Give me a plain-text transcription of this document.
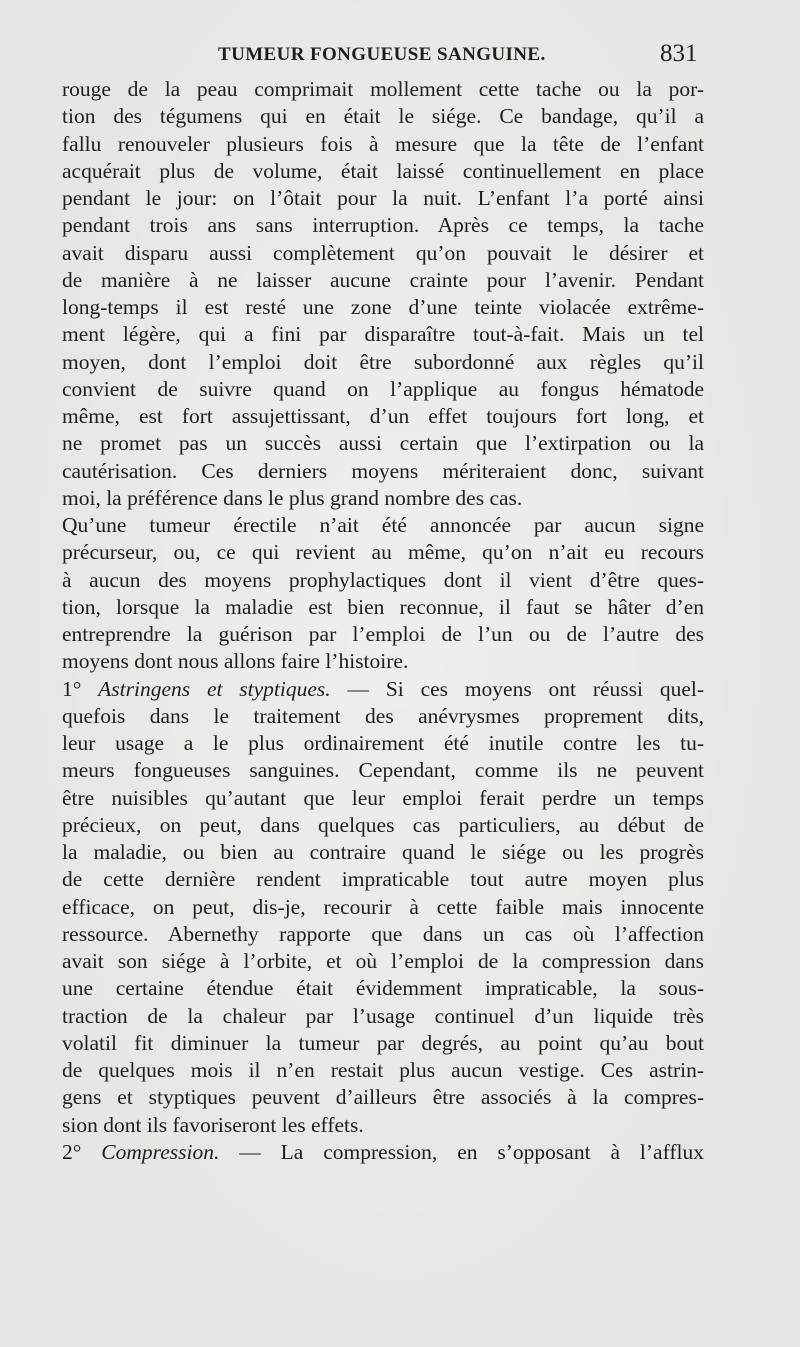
TUMEUR FONGUEUSE SANGUINE.	831
rouge de la peau comprimait mollement cette tache ou la por-
tion des tégumens qui en était le siége. Ce bandage, qu’il a
fallu renouveler plusieurs fois à mesure que la tête de l’enfant
acquérait plus de volume, était laissé continuellement en place
pendant le jour: on l’ôtait pour la nuit. L’enfant l’a porté ainsi
pendant trois ans sans interruption. Après ce temps, la tache
avait disparu aussi complètement qu’on pouvait le désirer et
de manière à ne laisser aucune crainte pour l’avenir. Pendant
long-temps il est resté une zone d’une teinte violacée extrême-
ment légère, qui a fini par disparaître tout-à-fait. Mais un tel
moyen, dont l’emploi doit être subordonné aux règles qu’il
convient de suivre quand on l’applique au fongus hématode
même, est fort assujettissant, d’un effet toujours fort long, et
ne promet pas un succès aussi certain que l’extirpation ou la
cautérisation. Ces derniers moyens mériteraient donc, suivant
moi, la préférence dans le plus grand nombre des cas.
Qu’une tumeur érectile n’ait été annoncée par aucun signe
précurseur, ou, ce qui revient au même, qu’on n’ait eu recours
à aucun des moyens prophylactiques dont il vient d’être ques-
tion, lorsque la maladie est bien reconnue, il faut se hâter d’en
entreprendre la guérison par l’emploi de l’un ou de l’autre des
moyens dont nous allons faire l’histoire.
1° Astringens et styptiques. — Si ces moyens ont réussi quel-
quefois dans le traitement des anévrysmes proprement dits,
leur usage a le plus ordinairement été inutile contre les tu-
meurs fongueuses sanguines. Cependant, comme ils ne peuvent
être nuisibles qu’autant que leur emploi ferait perdre un temps
précieux, on peut, dans quelques cas particuliers, au début de
la maladie, ou bien au contraire quand le siége ou les progrès
de cette dernière rendent impraticable tout autre moyen plus
efficace, on peut, dis-je, recourir à cette faible mais innocente
ressource. Abernethy rapporte que dans un cas où l’affection
avait son siége à l’orbite, et où l’emploi de la compression dans
une certaine étendue était évidemment impraticable, la sous-
traction de la chaleur par l’usage continuel d’un liquide très
volatil fit diminuer la tumeur par degrés, au point qu’au bout
de quelques mois il n’en restait plus aucun vestige. Ces astrin-
gens et styptiques peuvent d’ailleurs être associés à la compres-
sion dont ils favoriseront les effets.
2° Compression. — La compression, en s’opposant à l’afflux
